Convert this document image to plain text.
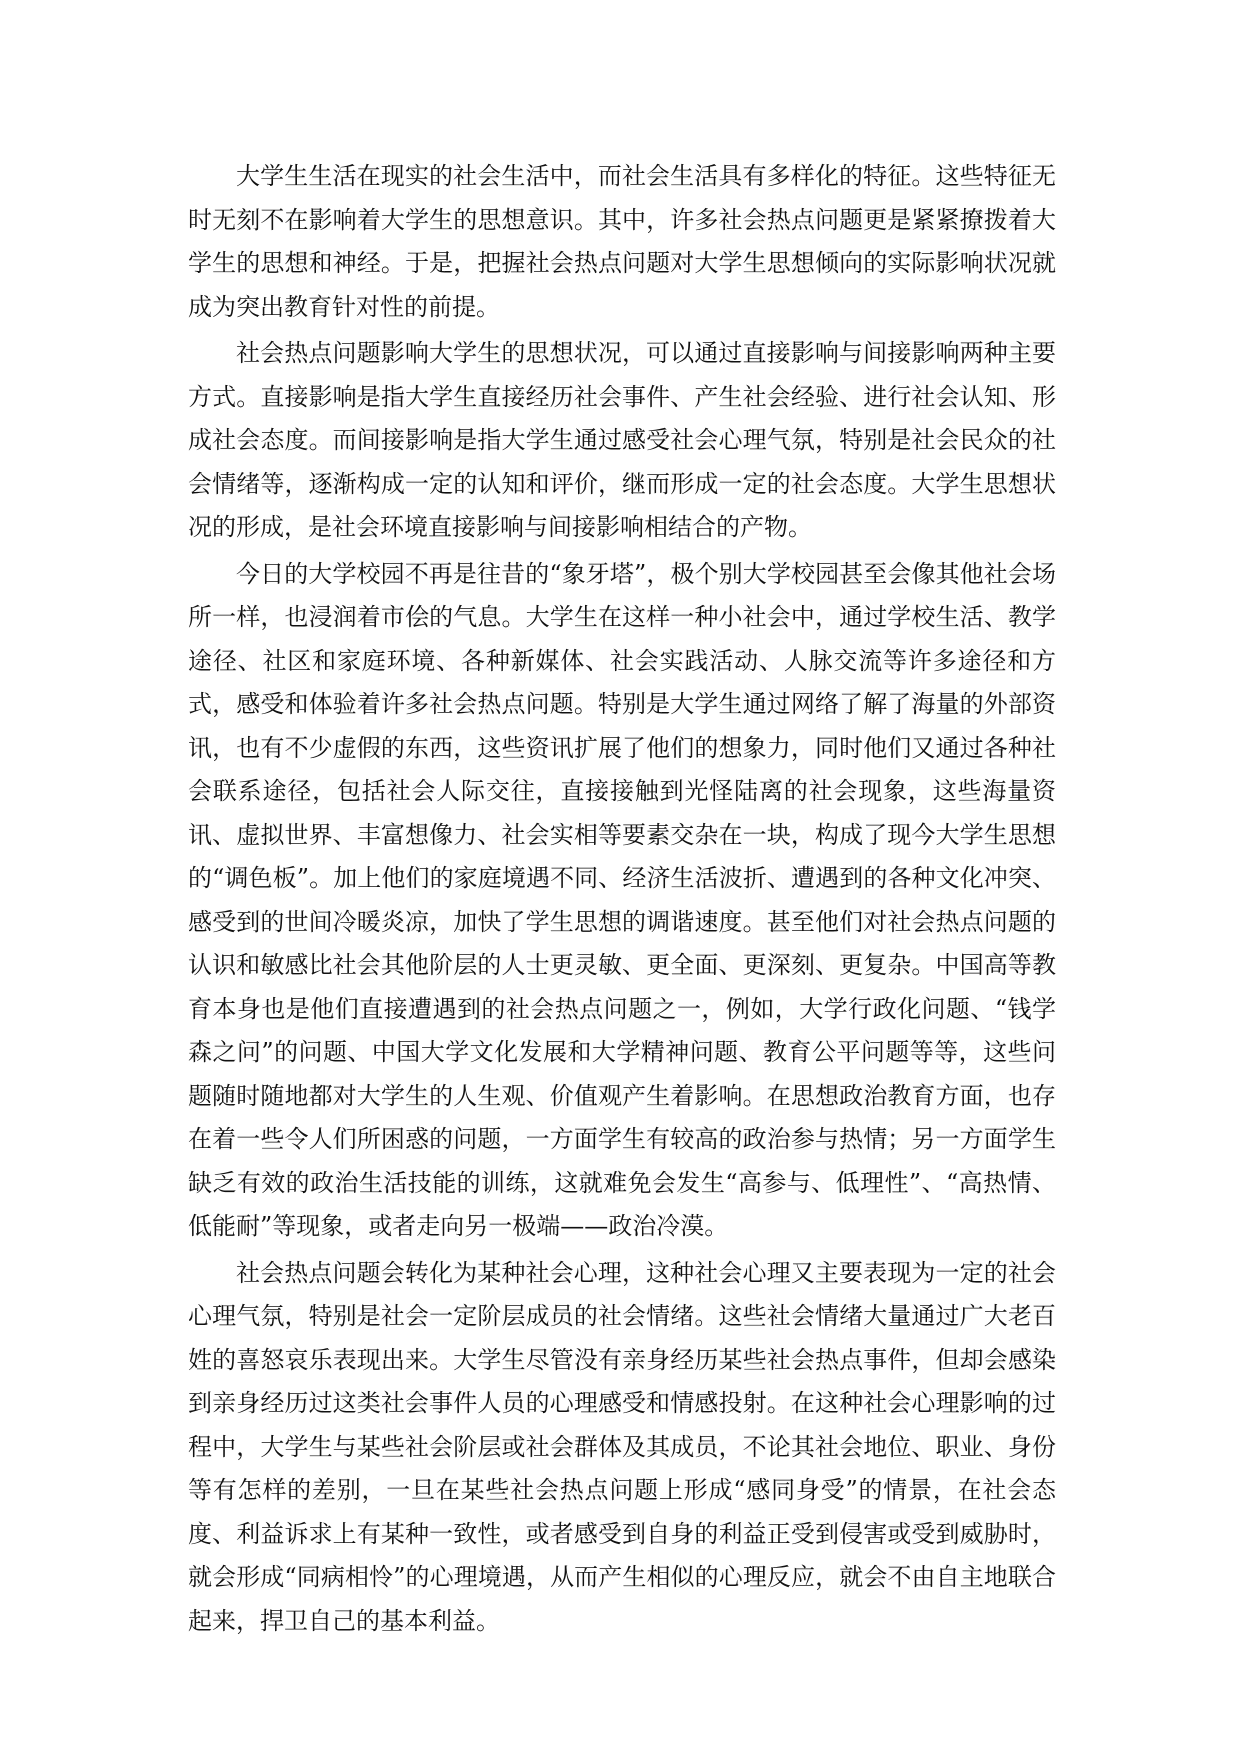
大学生生活在现实的社会生活中，而社会生活具有多样化的特征。这些特征无时无刻不在影响着大学生的思想意识。其中，许多社会热点问题更是紧紧撩拨着大学生的思想和神经。于是，把握社会热点问题对大学生思想倾向的实际影响状况就成为突出教育针对性的前提。

社会热点问题影响大学生的思想状况，可以通过直接影响与间接影响两种主要方式。直接影响是指大学生直接经历社会事件、产生社会经验、进行社会认知、形成社会态度。而间接影响是指大学生通过感受社会心理气氛，特别是社会民众的社会情绪等，逐渐构成一定的认知和评价，继而形成一定的社会态度。大学生思想状况的形成，是社会环境直接影响与间接影响相结合的产物。

今日的大学校园不再是往昔的“象牙塔”，极个别大学校园甚至会像其他社会场所一样，也浸润着市侩的气息。大学生在这样一种小社会中，通过学校生活、教学途径、社区和家庭环境、各种新媒体、社会实践活动、人脉交流等许多途径和方式，感受和体验着许多社会热点问题。特别是大学生通过网络了解了海量的外部资讯，也有不少虚假的东西，这些资讯扩展了他们的想象力，同时他们又通过各种社会联系途径，包括社会人际交往，直接接触到光怪陆离的社会现象，这些海量资讯、虚拟世界、丰富想像力、社会实相等要素交杂在一块，构成了现今大学生思想的“调色板”。加上他们的家庭境遇不同、经济生活波折、遭遇到的各种文化冲突、感受到的世间冷暖炎凉，加快了学生思想的调谐速度。甚至他们对社会热点问题的认识和敏感比社会其他阶层的人士更灵敏、更全面、更深刻、更复杂。中国高等教育本身也是他们直接遭遇到的社会热点问题之一，例如，大学行政化问题、“钱学森之问”的问题、中国大学文化发展和大学精神问题、教育公平问题等等，这些问题随时随地都对大学生的人生观、价值观产生着影响。在思想政治教育方面，也存在着一些令人们所困惑的问题，一方面学生有较高的政治参与热情；另一方面学生缺乏有效的政治生活技能的训练，这就难免会发生“高参与、低理性”、“高热情、低能耐”等现象，或者走向另一极端——政治冷漠。

社会热点问题会转化为某种社会心理，这种社会心理又主要表现为一定的社会心理气氛，特别是社会一定阶层成员的社会情绪。这些社会情绪大量通过广大老百姓的喜怒哀乐表现出来。大学生尽管没有亲身经历某些社会热点事件，但却会感染到亲身经历过这类社会事件人员的心理感受和情感投射。在这种社会心理影响的过程中，大学生与某些社会阶层或社会群体及其成员，不论其社会地位、职业、身份等有怎样的差别，一旦在某些社会热点问题上形成“感同身受”的情景，在社会态度、利益诉求上有某种一致性，或者感受到自身的利益正受到侵害或受到威胁时，就会形成“同病相怜”的心理境遇，从而产生相似的心理反应，就会不由自主地联合起来，捍卫自己的基本利益。
